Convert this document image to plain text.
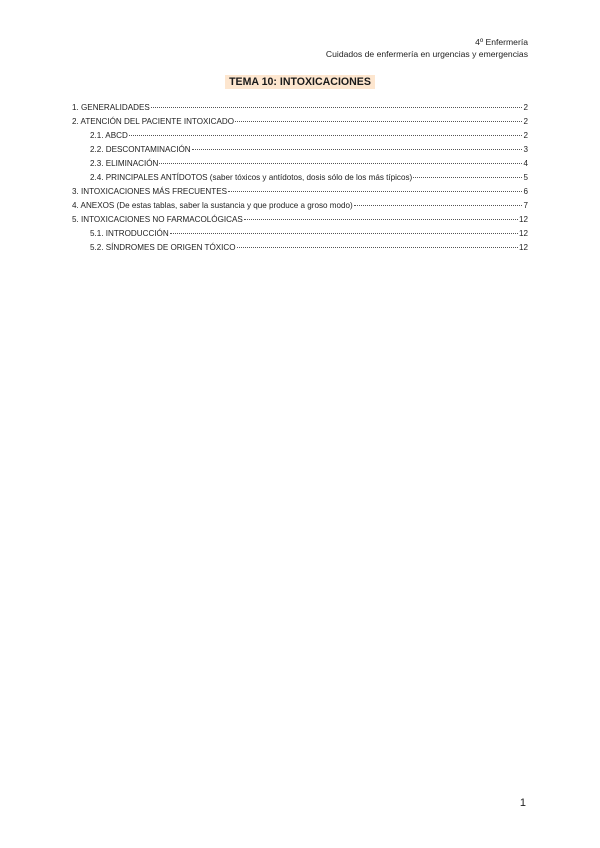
4º Enfermería
Cuidados de enfermería en urgencias y emergencias
TEMA 10: INTOXICACIONES
1. GENERALIDADES	2
2. ATENCIÓN DEL PACIENTE INTOXICADO	2
2.1. ABCD	2
2.2. DESCONTAMINACIÓN	3
2.3. ELIMINACIÓN	4
2.4. PRINCIPALES ANTÍDOTOS (saber tóxicos y antídotos, dosis sólo de los más típicos)	5
3. INTOXICACIONES MÁS FRECUENTES	6
4. ANEXOS (De estas tablas, saber la sustancia y que produce a groso modo)	7
5. INTOXICACIONES NO FARMACOLÓGICAS	12
5.1. INTRODUCCIÓN	12
5.2. SÍNDROMES DE ORIGEN TÓXICO	12
1
